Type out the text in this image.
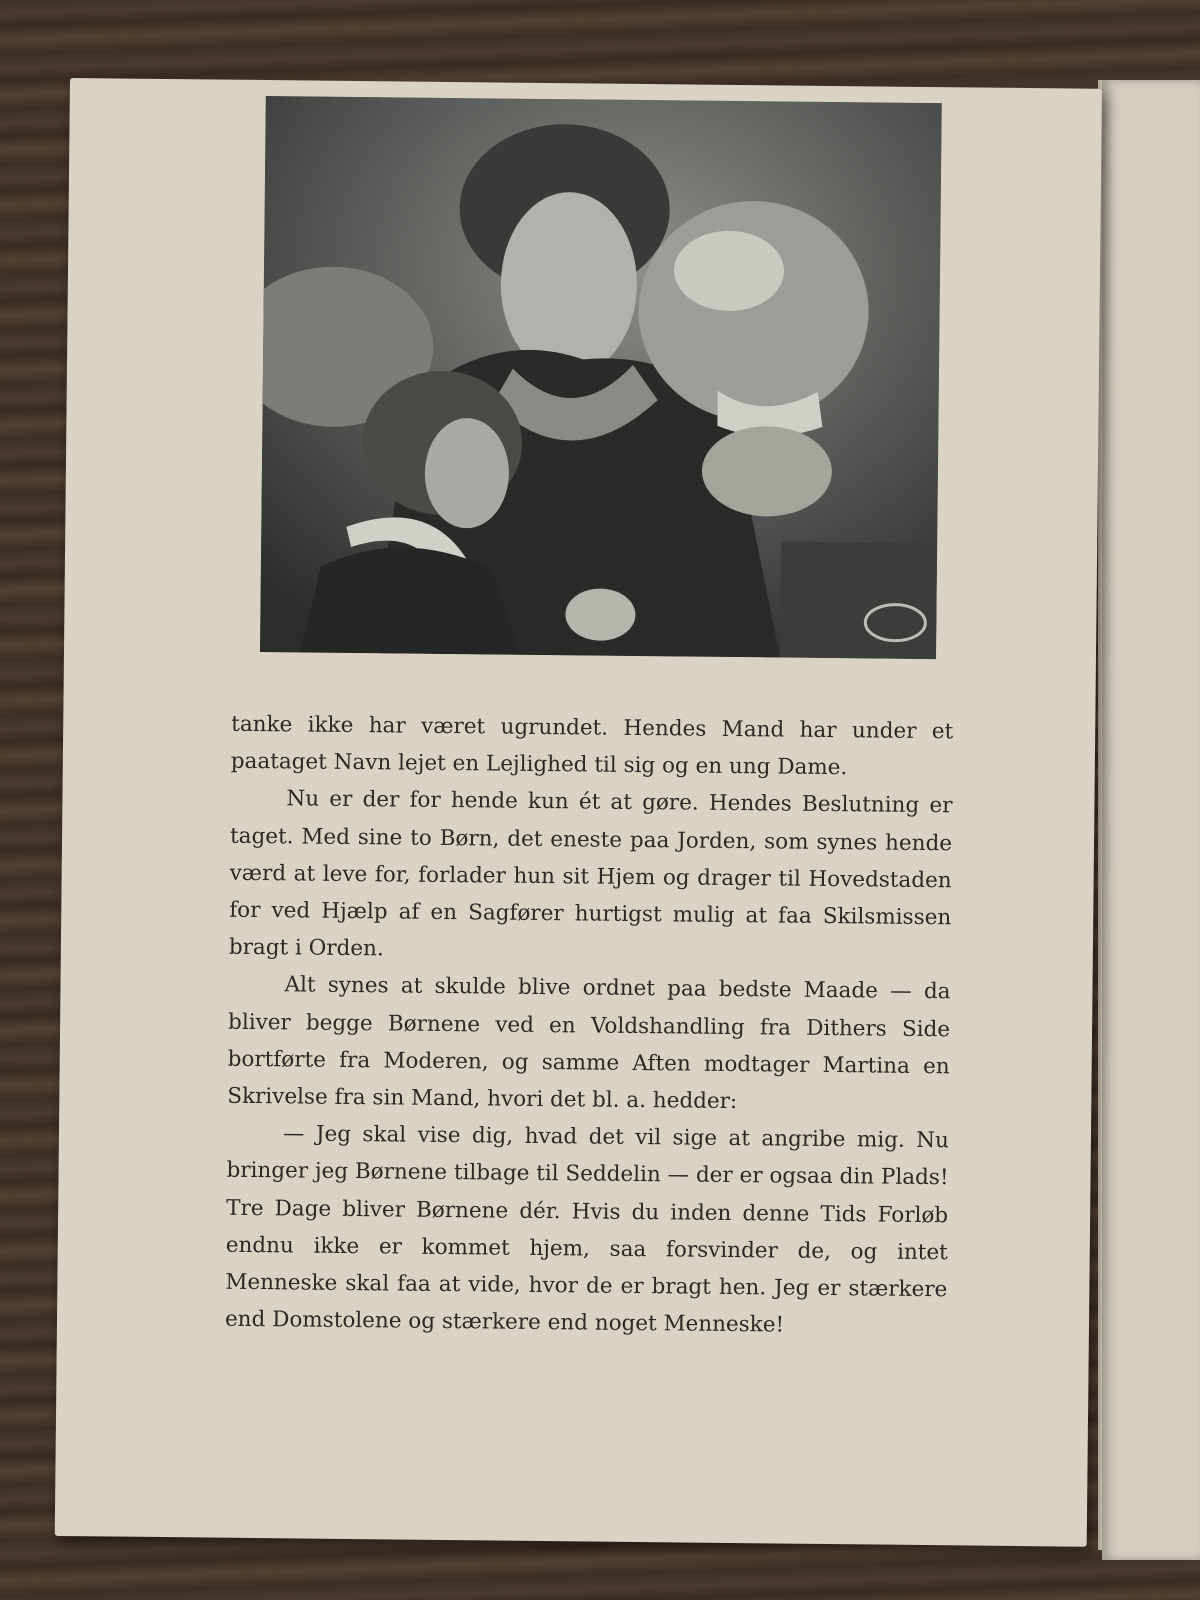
tanke ikke har været ugrundet. Hendes Mand har under et paataget Navn lejet en Lejlighed til sig og en ung Dame.

Nu er der for hende kun ét at gøre. Hendes Beslutning er taget. Med sine to Børn, det eneste paa Jorden, som synes hende værd at leve for, forlader hun sit Hjem og drager til Hovedstaden for ved Hjælp af en Sagfører hurtigst mulig at faa Skilsmissen bragt i Orden.

Alt synes at skulde blive ordnet paa bedste Maade — da bliver begge Børnene ved en Voldshandling fra Dithers Side bortførte fra Moderen, og samme Aften modtager Martina en Skrivelse fra sin Mand, hvori det bl. a. hedder:

— Jeg skal vise dig, hvad det vil sige at angribe mig. Nu bringer jeg Børnene tilbage til Seddelin — der er ogsaa din Plads! Tre Dage bliver Børnene dér. Hvis du inden denne Tids Forløb endnu ikke er kommet hjem, saa forsvinder de, og intet Menneske skal faa at vide, hvor de er bragt hen. Jeg er stærkere end Domstolene og stærkere end noget Menneske!
